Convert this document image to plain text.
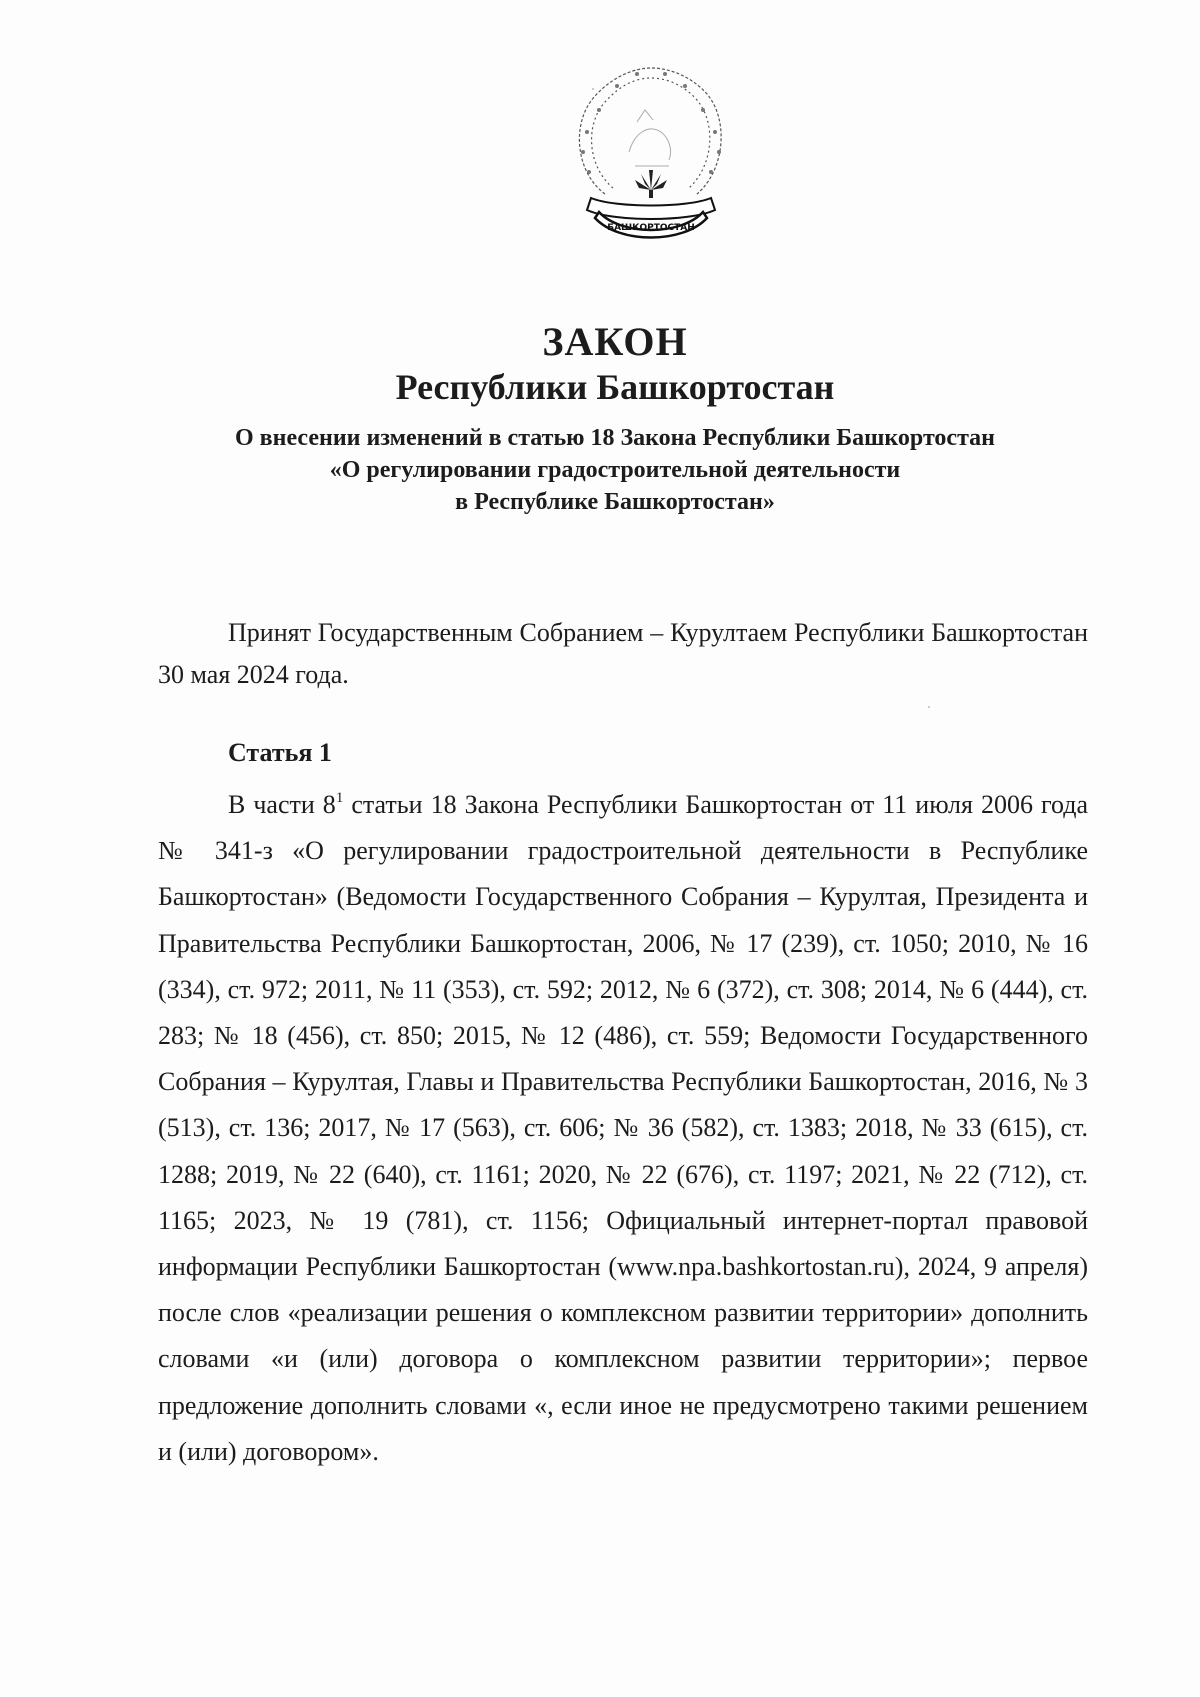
БАШКОРТОСТАН
ЗАКОН
Республики Башкортостан
О внесении изменений в статью 18 Закона Республики Башкортостан
«О регулировании градостроительной деятельности
в Республике Башкортостан»
Принят Государственным Собранием – Курултаем Республики Башкортостан 30 мая 2024 года.
Статья 1
В части $8^1$ статьи 18 Закона Республики Башкортостан от 11 июля 2006 года № 341-з «О регулировании градостроительной деятельности в Республике Башкортостан» (Ведомости Государственного Собрания – Курултая, Президента и Правительства Республики Башкортостан, 2006, № 17 (239), ст. 1050; 2010, № 16 (334), ст. 972; 2011, № 11 (353), ст. 592; 2012, № 6 (372), ст. 308; 2014, № 6 (444), ст. 283; № 18 (456), ст. 850; 2015, № 12 (486), ст. 559; Ведомости Государственного Собрания – Курултая, Главы и Правительства Республики Башкортостан, 2016, № 3 (513), ст. 136; 2017, № 17 (563), ст. 606; № 36 (582), ст. 1383; 2018, № 33 (615), ст. 1288; 2019, № 22 (640), ст. 1161; 2020, № 22 (676), ст. 1197; 2021, № 22 (712), ст. 1165; 2023, № 19 (781), ст. 1156; Официальный интернет-портал правовой информации Республики Башкортостан (www.npa.bashkortostan.ru), 2024, 9 апреля) после слов «реализации решения о комплексном развитии территории» дополнить словами «и (или) договора о комплексном развитии территории»; первое предложение дополнить словами «, если иное не предусмотрено такими решением и (или) договором».
